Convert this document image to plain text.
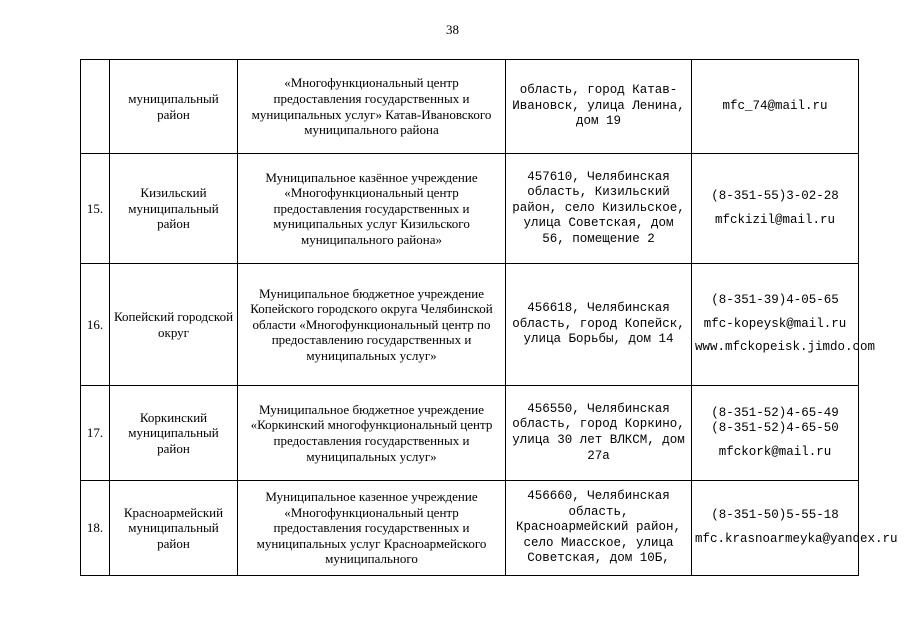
38
	муниципальный район	«Многофункциональный центр предоставления государственных и муниципальных услуг» Катав-Ивановского муниципального района	область, город Катав-Ивановск, улица Ленина, дом 19	mfc_74@mail.ru

15.	Кизильский муниципальный район	Муниципальное казённое учреждение «Многофункциональный центр предоставления государственных и муниципальных услуг Кизильского муниципального района»	457610, Челябинская область, Кизильский район, село Кизильское, улица Советская, дом 56, помещение 2	(8-351-55)3-02-28
mfckizil@mail.ru

16.	Копейский городской округ	Муниципальное бюджетное учреждение Копейского городского округа Челябинской области «Многофункциональный центр по предоставлению государственных и муниципальных услуг»	456618, Челябинская область, город Копейск, улица Борьбы, дом 14	(8-351-39)4-05-65
mfc-kopeysk@mail.ru
www.mfckopeisk.jimdo.com

17.	Коркинский муниципальный район	Муниципальное бюджетное учреждение «Коркинский многофункциональный центр предоставления государственных и муниципальных услуг»	456550, Челябинская область, город Коркино, улица 30 лет ВЛКСМ, дом 27а	(8-351-52)4-65-49
(8-351-52)4-65-50
mfckork@mail.ru

18.	Красноармейский муниципальный район	Муниципальное казенное учреждение «Многофункциональный центр предоставления государственных и муниципальных услуг Красноармейского муниципального	456660, Челябинская область, Красноармейский район, село Миасское, улица Советская, дом 10Б,	(8-351-50)5-55-18
mfc.krasnoarmeyka@yandex.ru
